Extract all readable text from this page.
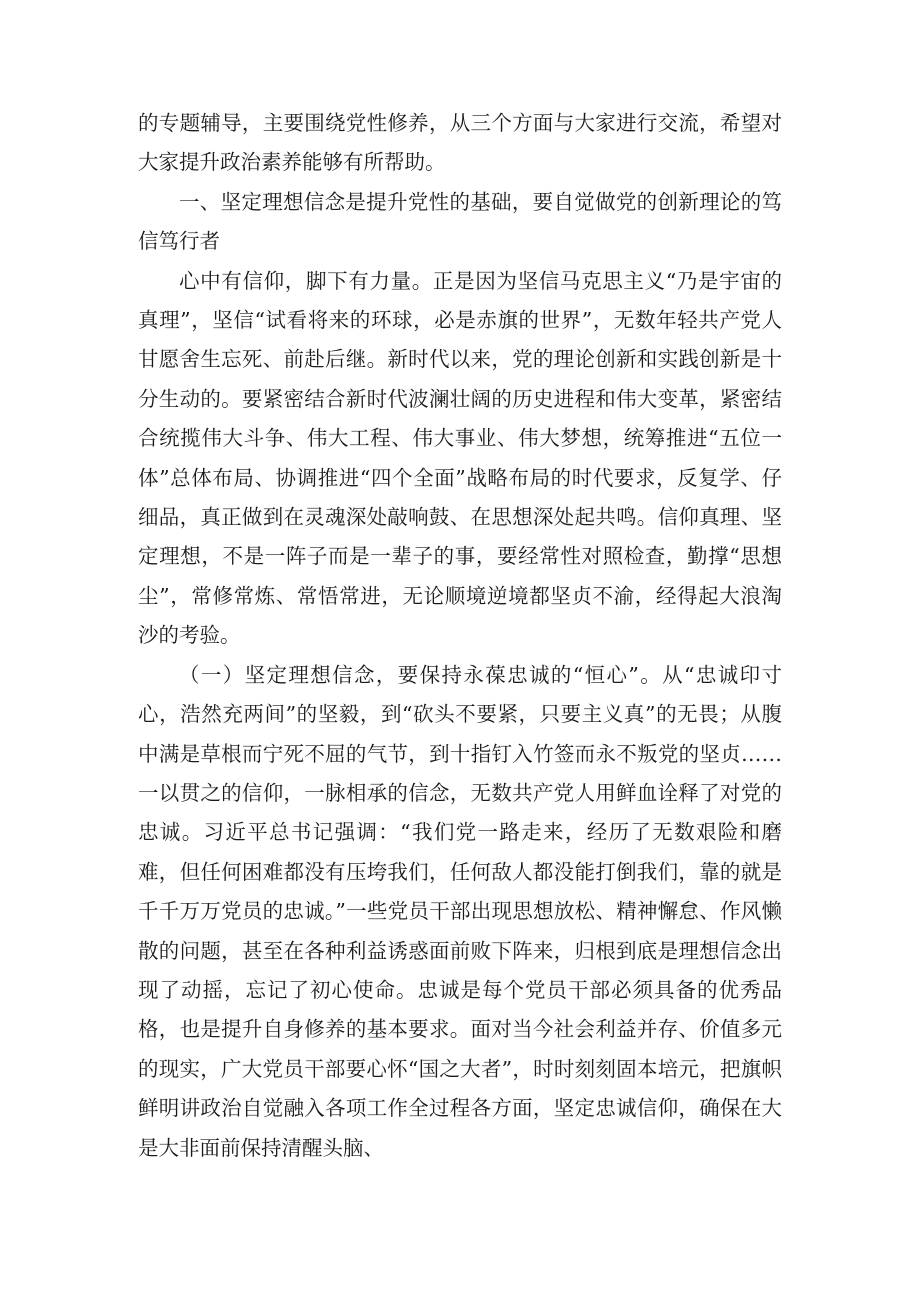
的专题辅导，主要围绕党性修养，从三个方面与大家进行交流，希望对大家提升政治素养能够有所帮助。

一、坚定理想信念是提升党性的基础，要自觉做党的创新理论的笃信笃行者

心中有信仰，脚下有力量。正是因为坚信马克思主义“乃是宇宙的真理”，坚信“试看将来的环球，必是赤旗的世界”，无数年轻共产党人甘愿舍生忘死、前赴后继。新时代以来，党的理论创新和实践创新是十分生动的。要紧密结合新时代波澜壮阔的历史进程和伟大变革，紧密结合统揽伟大斗争、伟大工程、伟大事业、伟大梦想，统筹推进“五位一体”总体布局、协调推进“四个全面”战略布局的时代要求，反复学、仔细品，真正做到在灵魂深处敲响鼓、在思想深处起共鸣。信仰真理、坚定理想，不是一阵子而是一辈子的事，要经常性对照检查，勤撑“思想尘”，常修常炼、常悟常进，无论顺境逆境都坚贞不渝，经得起大浪淘沙的考验。

（一）坚定理想信念，要保持永葆忠诚的“恒心”。从“忠诚印寸心，浩然充两间”的坚毅，到“砍头不要紧，只要主义真”的无畏；从腹中满是草根而宁死不屈的气节，到十指钉入竹签而永不叛党的坚贞……一以贯之的信仰，一脉相承的信念，无数共产党人用鲜血诠释了对党的忠诚。习近平总书记强调：“我们党一路走来，经历了无数艰险和磨难，但任何困难都没有压垮我们，任何敌人都没能打倒我们，靠的就是千千万万党员的忠诚。”一些党员干部出现思想放松、精神懈怠、作风懒散的问题，甚至在各种利益诱惑面前败下阵来，归根到底是理想信念出现了动摇，忘记了初心使命。忠诚是每个党员干部必须具备的优秀品格，也是提升自身修养的基本要求。面对当今社会利益并存、价值多元的现实，广大党员干部要心怀“国之大者”，时时刻刻固本培元，把旗帜鲜明讲政治自觉融入各项工作全过程各方面，坚定忠诚信仰，确保在大是大非面前保持清醒头脑、
